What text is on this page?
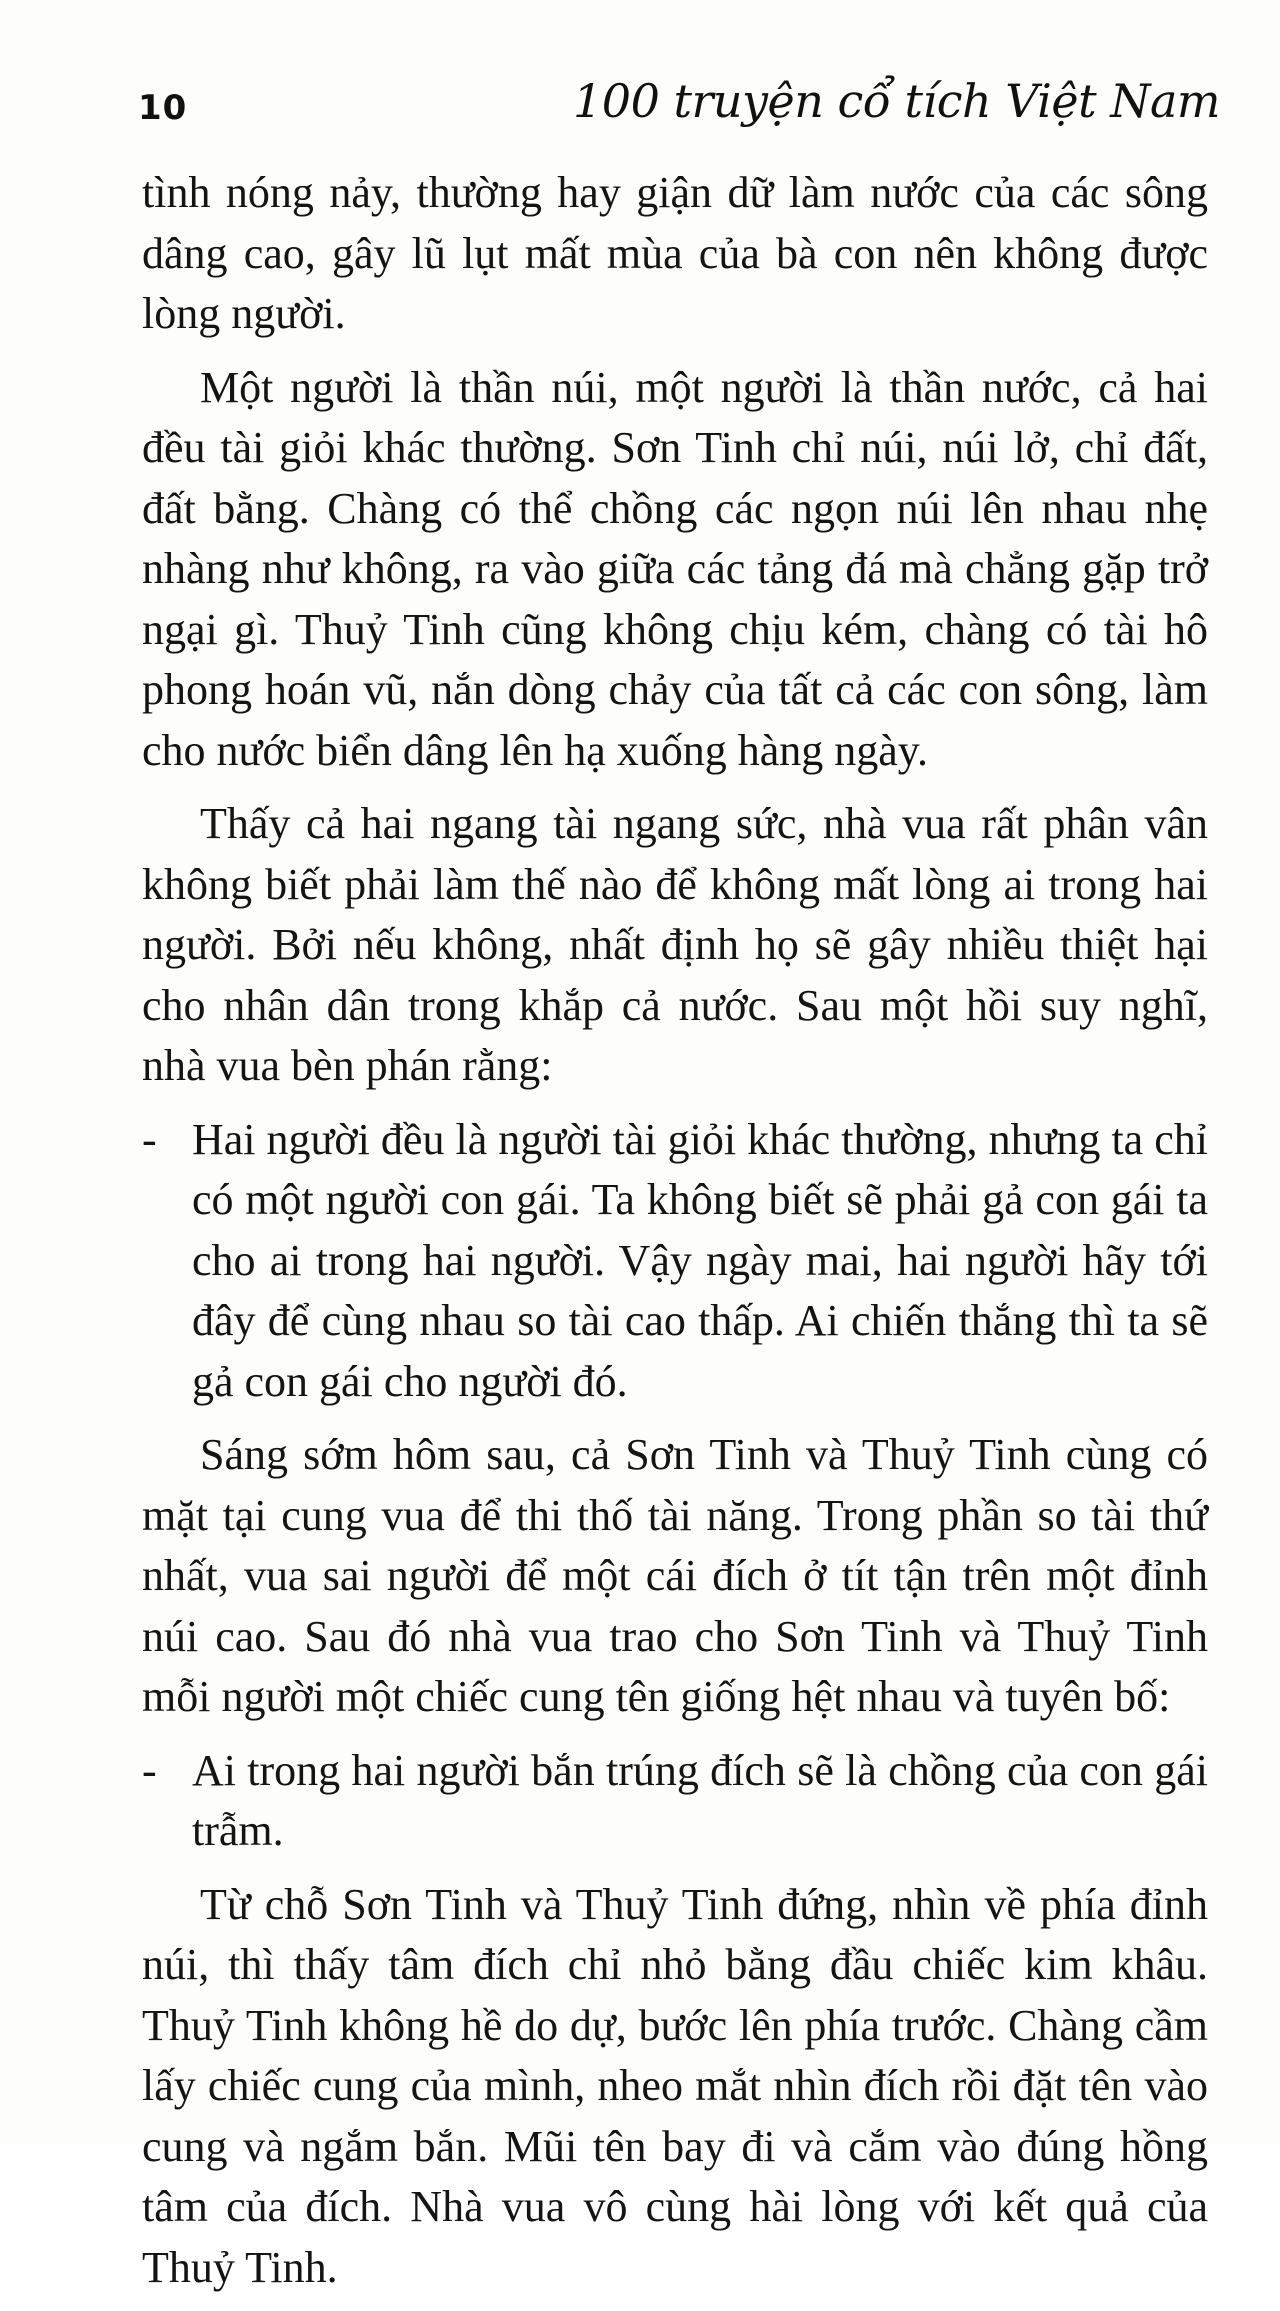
10	100 truyện cổ tích Việt Nam

tình nóng nảy, thường hay giận dữ làm nước của các sông dâng cao, gây lũ lụt mất mùa của bà con nên không được lòng người.

Một người là thần núi, một người là thần nước, cả hai đều tài giỏi khác thường. Sơn Tinh chỉ núi, núi lở, chỉ đất, đất bằng. Chàng có thể chồng các ngọn núi lên nhau nhẹ nhàng như không, ra vào giữa các tảng đá mà chẳng gặp trở ngại gì. Thuỷ Tinh cũng không chịu kém, chàng có tài hô phong hoán vũ, nắn dòng chảy của tất cả các con sông, làm cho nước biển dâng lên hạ xuống hàng ngày.

Thấy cả hai ngang tài ngang sức, nhà vua rất phân vân không biết phải làm thế nào để không mất lòng ai trong hai người. Bởi nếu không, nhất định họ sẽ gây nhiều thiệt hại cho nhân dân trong khắp cả nước. Sau một hồi suy nghĩ, nhà vua bèn phán rằng:

- Hai người đều là người tài giỏi khác thường, nhưng ta chỉ có một người con gái. Ta không biết sẽ phải gả con gái ta cho ai trong hai người. Vậy ngày mai, hai người hãy tới đây để cùng nhau so tài cao thấp. Ai chiến thắng thì ta sẽ gả con gái cho người đó.

Sáng sớm hôm sau, cả Sơn Tinh và Thuỷ Tinh cùng có mặt tại cung vua để thi thố tài năng. Trong phần so tài thứ nhất, vua sai người để một cái đích ở tít tận trên một đỉnh núi cao. Sau đó nhà vua trao cho Sơn Tinh và Thuỷ Tinh mỗi người một chiếc cung tên giống hệt nhau và tuyên bố:

- Ai trong hai người bắn trúng đích sẽ là chồng của con gái trẫm.

Từ chỗ Sơn Tinh và Thuỷ Tinh đứng, nhìn về phía đỉnh núi, thì thấy tâm đích chỉ nhỏ bằng đầu chiếc kim khâu. Thuỷ Tinh không hề do dự, bước lên phía trước. Chàng cầm lấy chiếc cung của mình, nheo mắt nhìn đích rồi đặt tên vào cung và ngắm bắn. Mũi tên bay đi và cắm vào đúng hồng tâm của đích. Nhà vua vô cùng hài lòng với kết quả của Thuỷ Tinh.
